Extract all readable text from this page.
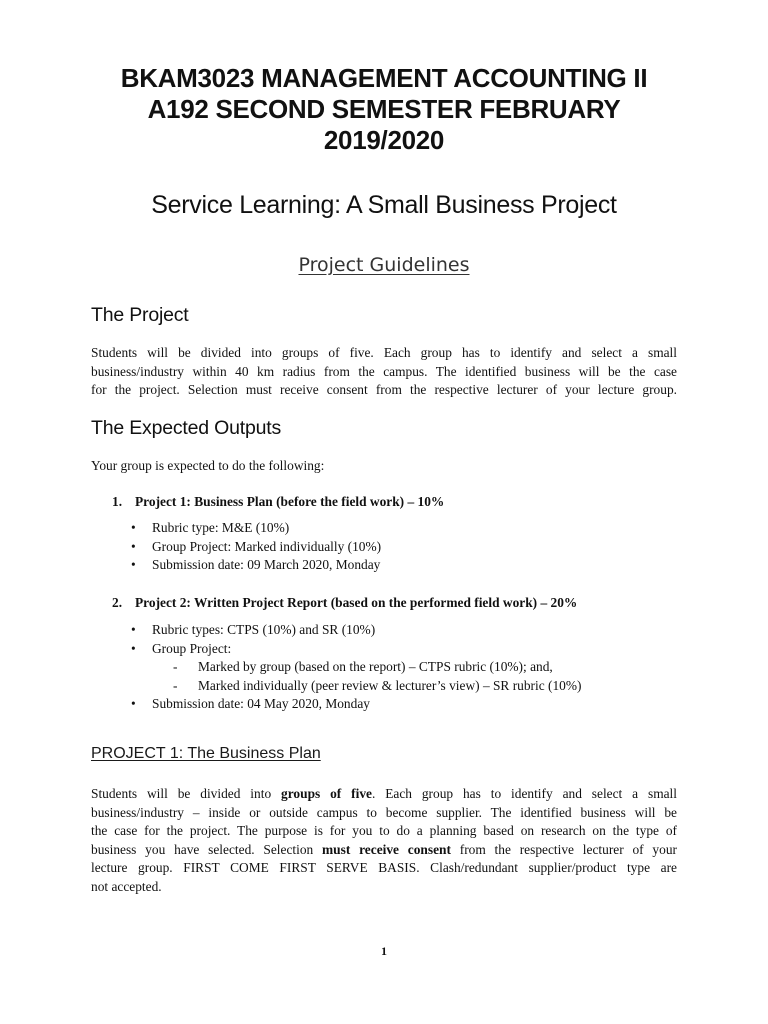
BKAM3023 MANAGEMENT ACCOUNTING II
A192 SECOND SEMESTER FEBRUARY
2019/2020
Service Learning: A Small Business Project
Project Guidelines
The Project
Students will be divided into groups of five. Each group has to identify and select a small
business/industry within 40 km radius from the campus. The identified business will be the case
for the project. Selection must receive consent from the respective lecturer of your lecture group.
The Expected Outputs
Your group is expected to do the following:
1. Project 1: Business Plan (before the field work) – 10%
• Rubric type: M&E (10%)
• Group Project: Marked individually (10%)
• Submission date: 09 March 2020, Monday
2. Project 2: Written Project Report (based on the performed field work) – 20%
• Rubric types: CTPS (10%) and SR (10%)
• Group Project:
- Marked by group (based on the report) – CTPS rubric (10%); and,
- Marked individually (peer review & lecturer’s view) – SR rubric (10%)
• Submission date: 04 May 2020, Monday
PROJECT 1: The Business Plan
Students will be divided into groups of five. Each group has to identify and select a small
business/industry – inside or outside campus to become supplier. The identified business will be
the case for the project. The purpose is for you to do a planning based on research on the type of
business you have selected. Selection must receive consent from the respective lecturer of your
lecture group. FIRST COME FIRST SERVE BASIS. Clash/redundant supplier/product type are
not accepted.
1
